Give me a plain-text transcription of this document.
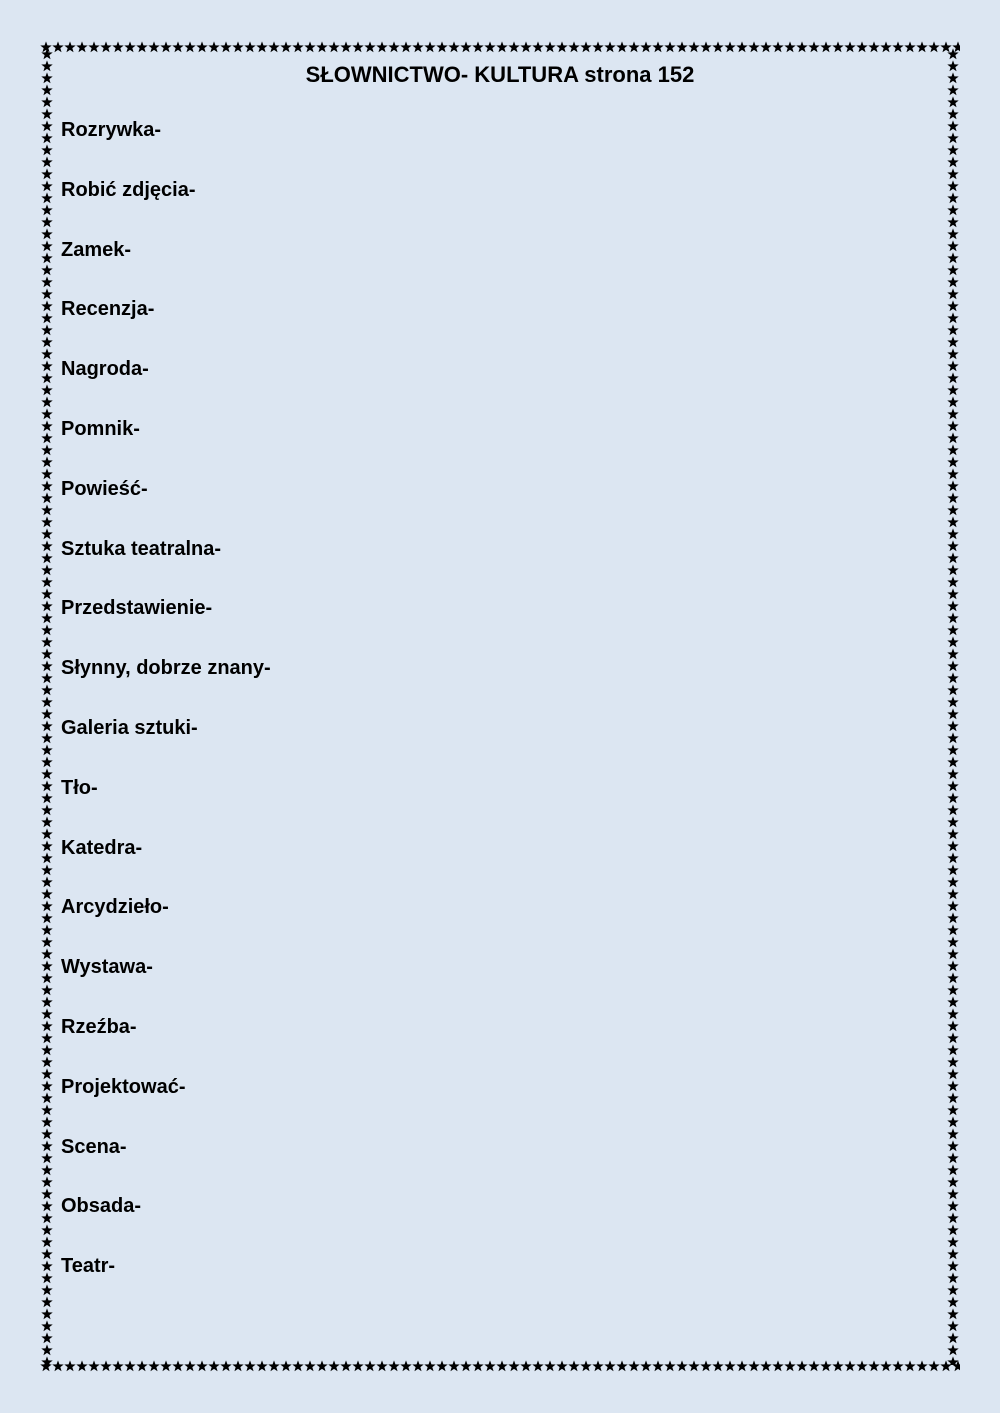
SŁOWNICTWO- KULTURA strona 152
Rozrywka-
Robić zdjęcia-
Zamek-
Recenzja-
Nagroda-
Pomnik-
Powieść-
Sztuka teatralna-
Przedstawienie-
Słynny, dobrze znany-
Galeria sztuki-
Tło-
Katedra-
Arcydzieło-
Wystawa-
Rzeźba-
Projektować-
Scena-
Obsada-
Teatr-
